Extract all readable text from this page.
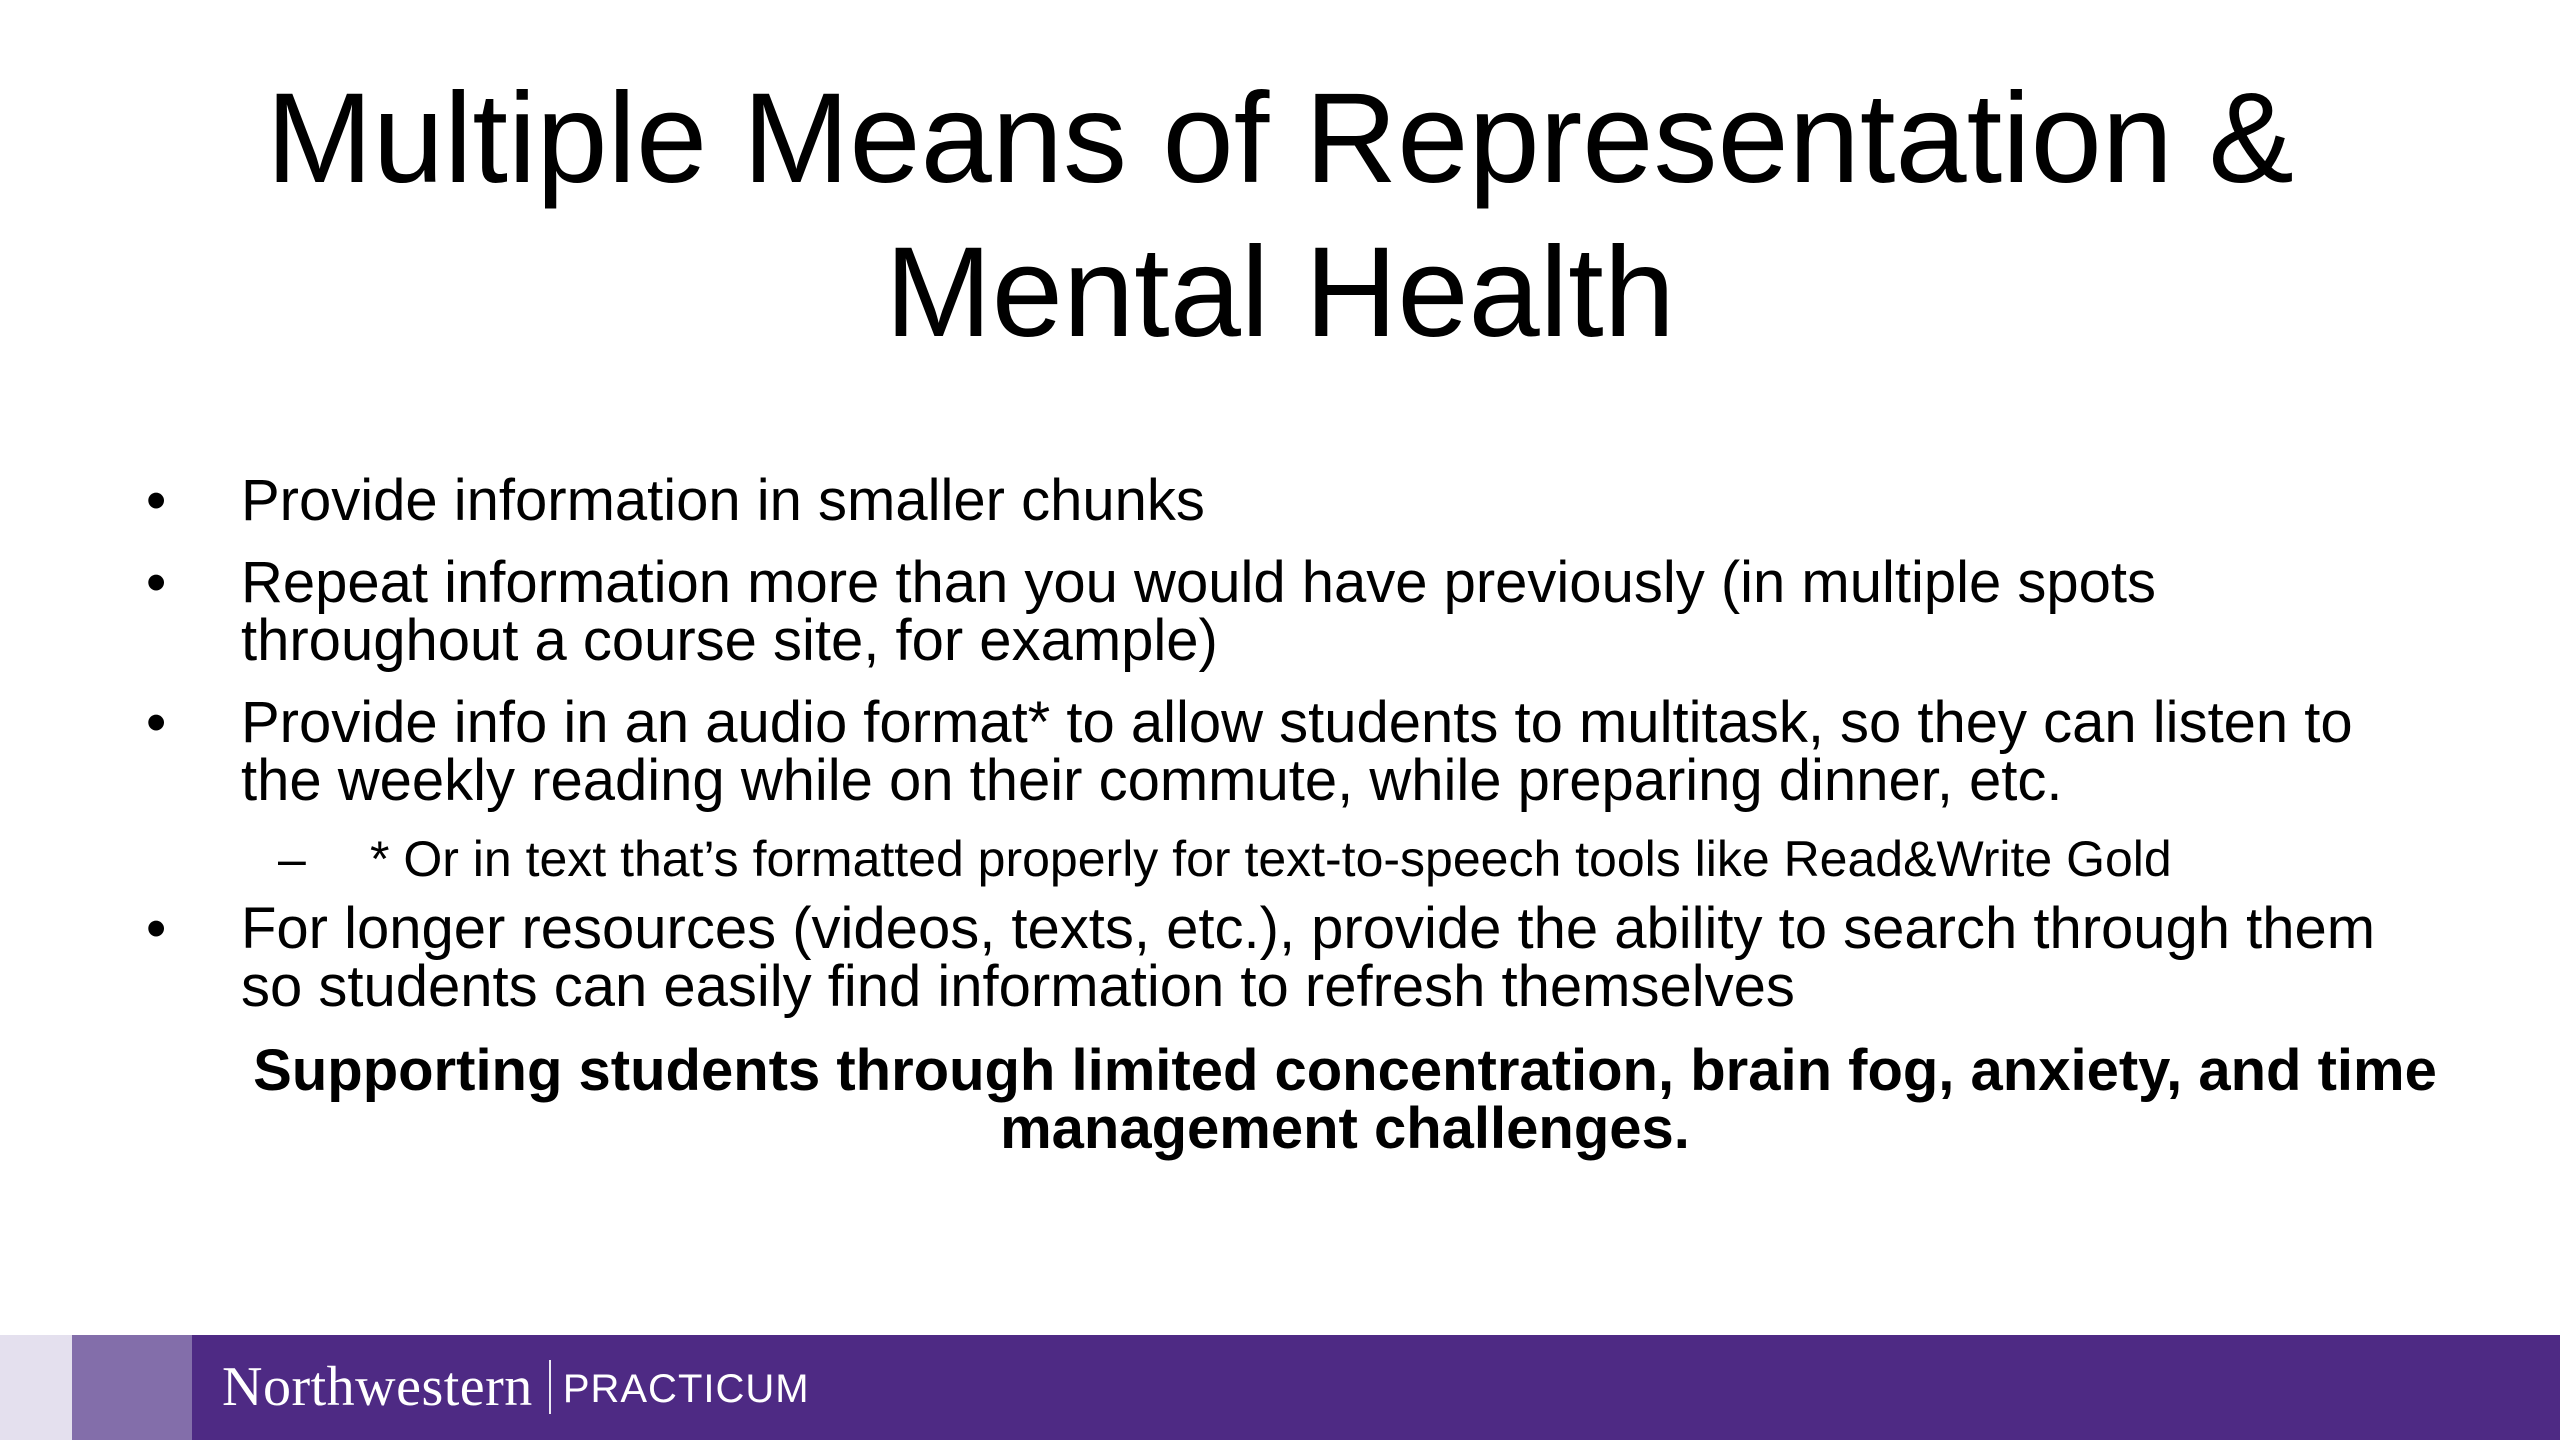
Multiple Means of Representation &
Mental Health
• Provide information in smaller chunks
• Repeat information more than you would have previously (in multiple spots throughout a course site, for example)
• Provide info in an audio format* to allow students to multitask, so they can listen to the weekly reading while on their commute, while preparing dinner, etc.
– * Or in text that’s formatted properly for text-to-speech tools like Read&Write Gold
• For longer resources (videos, texts, etc.), provide the ability to search through them so students can easily find information to refresh themselves
Supporting students through limited concentration, brain fog, anxiety, and time management challenges.
Northwestern PRACTICUM
